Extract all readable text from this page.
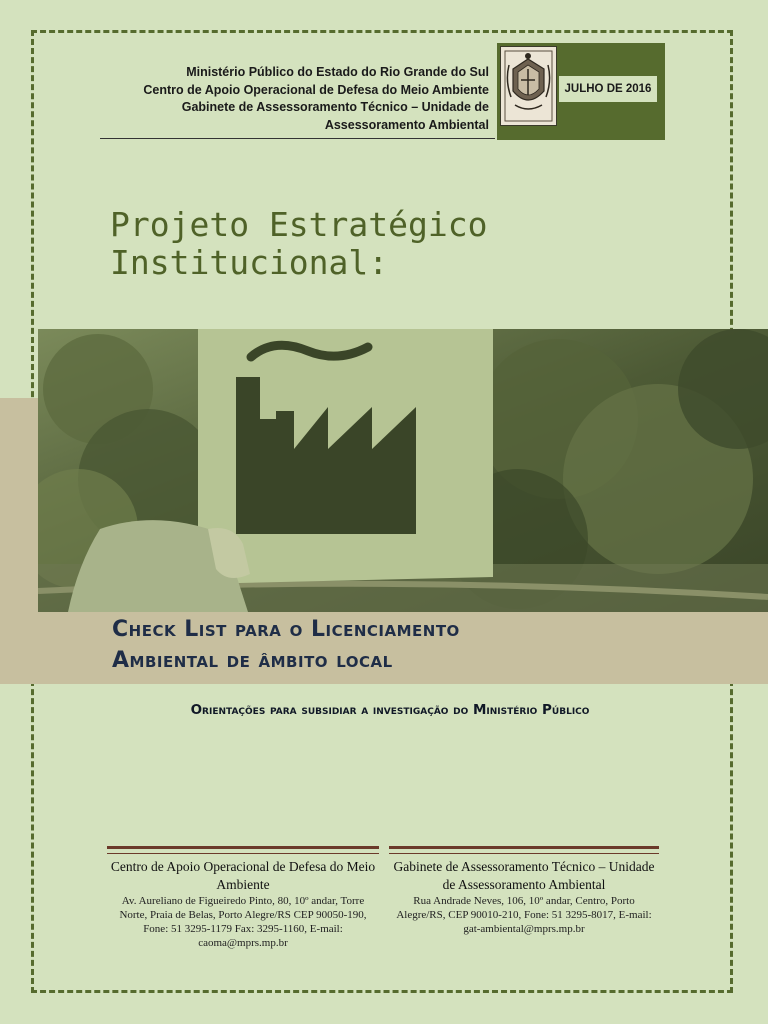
Ministério Público do Estado do Rio Grande do Sul
Centro de Apoio Operacional de Defesa do Meio Ambiente
Gabinete de Assessoramento Técnico – Unidade de
Assessoramento Ambiental
JULHO DE 2016
Projeto Estratégico
Institucional:
Check List para o Licenciamento
Ambiental de âmbito local
Orientações para subsidiar a investigação do Ministério Público
Centro de Apoio Operacional de Defesa do Meio Ambiente
Av. Aureliano de Figueiredo Pinto, 80, 10º andar, Torre Norte, Praia de Belas, Porto Alegre/RS CEP 90050-190, Fone: 51 3295-1179 Fax: 3295-1160, E-mail: caoma@mprs.mp.br
Gabinete de Assessoramento Técnico – Unidade de Assessoramento Ambiental
Rua Andrade Neves, 106, 10º andar, Centro, Porto Alegre/RS, CEP 90010-210, Fone: 51 3295-8017, E-mail: gat-ambiental@mprs.mp.br
